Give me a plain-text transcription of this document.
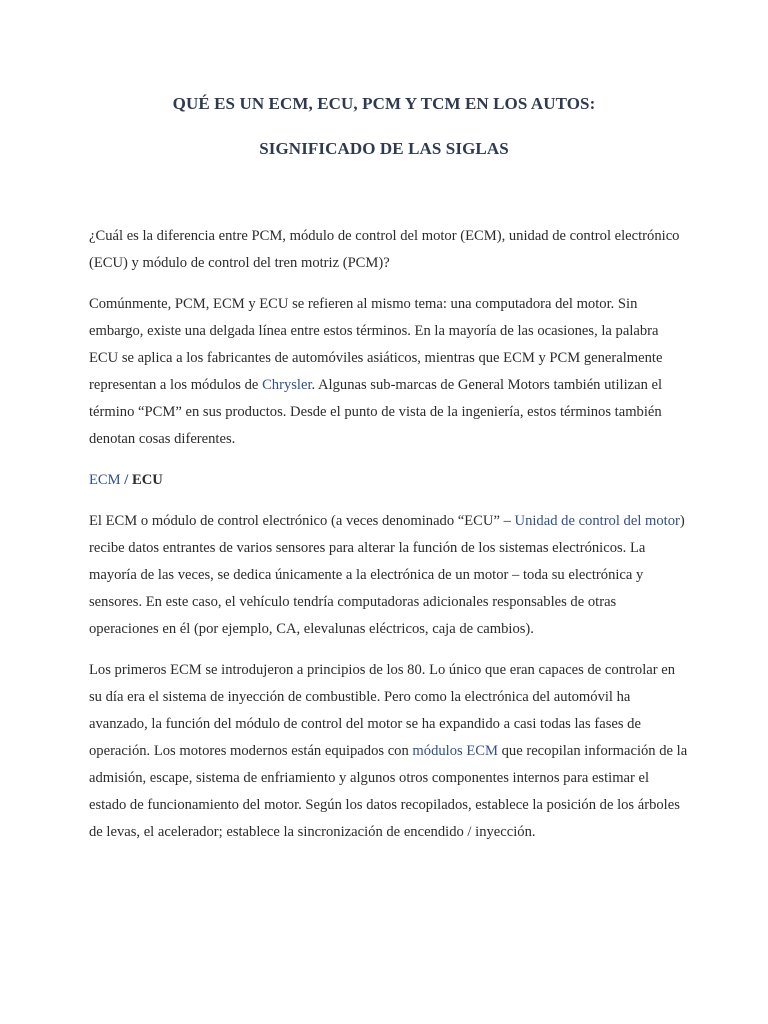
QUÉ ES UN ECM, ECU, PCM Y TCM EN LOS AUTOS:
SIGNIFICADO DE LAS SIGLAS

¿Cuál es la diferencia entre PCM, módulo de control del motor (ECM), unidad de control electrónico (ECU) y módulo de control del tren motriz (PCM)?

Comúnmente, PCM, ECM y ECU se refieren al mismo tema: una computadora del motor. Sin embargo, existe una delgada línea entre estos términos. En la mayoría de las ocasiones, la palabra ECU se aplica a los fabricantes de automóviles asiáticos, mientras que ECM y PCM generalmente representan a los módulos de Chrysler. Algunas sub-marcas de General Motors también utilizan el término “PCM” en sus productos. Desde el punto de vista de la ingeniería, estos términos también denotan cosas diferentes.

ECM / ECU

El ECM o módulo de control electrónico (a veces denominado “ECU” – Unidad de control del motor) recibe datos entrantes de varios sensores para alterar la función de los sistemas electrónicos. La mayoría de las veces, se dedica únicamente a la electrónica de un motor – toda su electrónica y sensores. En este caso, el vehículo tendría computadoras adicionales responsables de otras operaciones en él (por ejemplo, CA, elevalunas eléctricos, caja de cambios).

Los primeros ECM se introdujeron a principios de los 80. Lo único que eran capaces de controlar en su día era el sistema de inyección de combustible. Pero como la electrónica del automóvil ha avanzado, la función del módulo de control del motor se ha expandido a casi todas las fases de operación. Los motores modernos están equipados con módulos ECM que recopilan información de la admisión, escape, sistema de enfriamiento y algunos otros componentes internos para estimar el estado de funcionamiento del motor. Según los datos recopilados, establece la posición de los árboles de levas, el acelerador; establece la sincronización de encendido / inyección.
